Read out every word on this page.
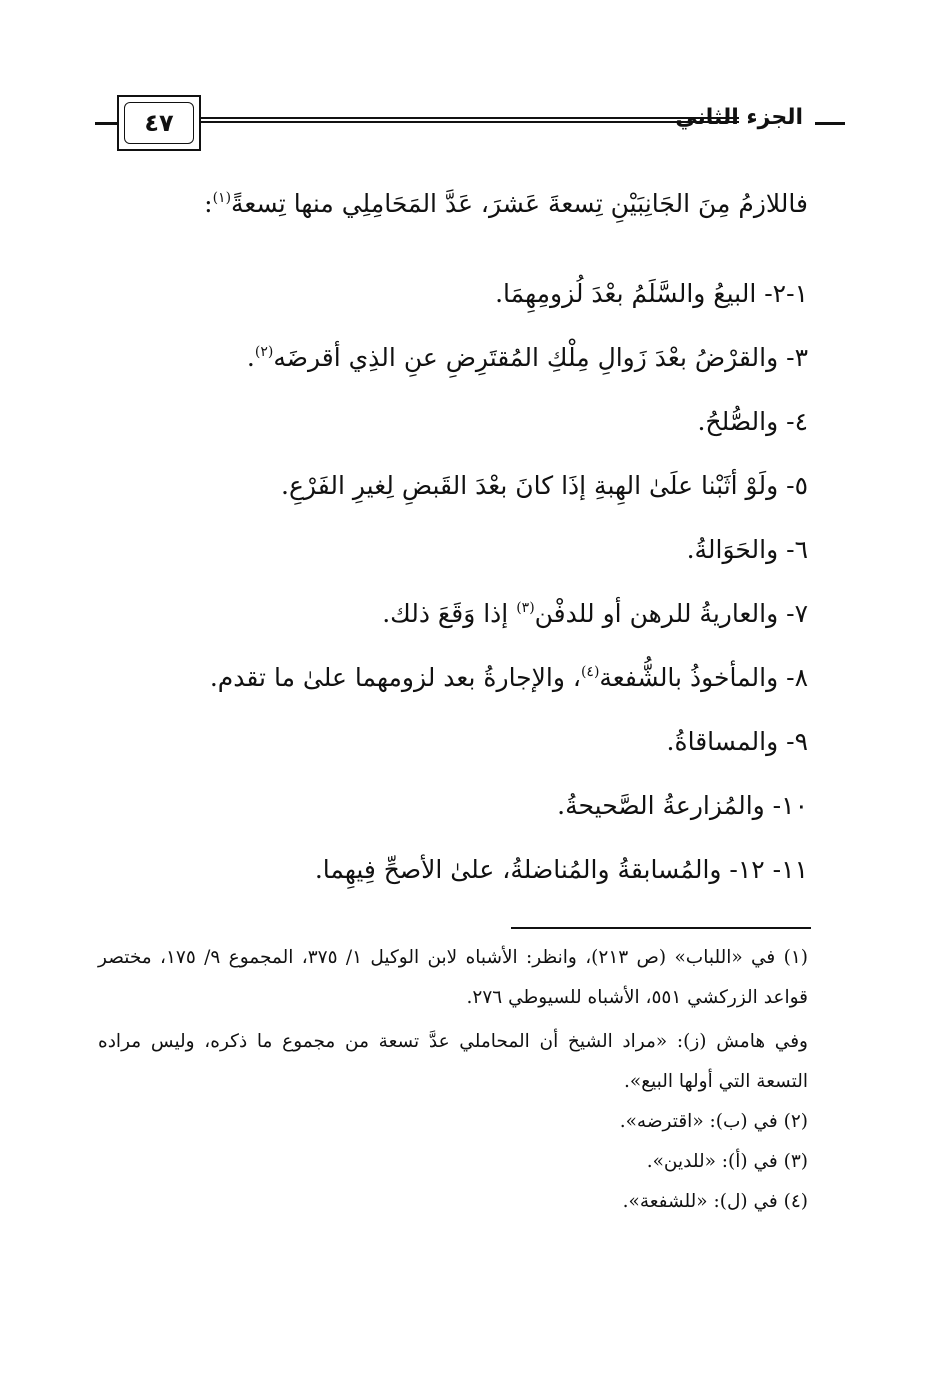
٤٧	الجزء الثاني
فاللازمُ مِنَ الجَانِبَيْنِ تِسعةَ عَشرَ، عَدَّ المَحَامِلِي منها تِسعةً$^{(١)}$:
١-٢- البيعُ والسَّلَمُ بعْدَ لُزومِهِمَا.
٣- والقرْضُ بعْدَ زَوالِ مِلْكِ المُقتَرِضِ عنِ الذِي أقرضَه$^{(٢)}$.
٤- والصُّلحُ.
٥- ولَوْ أثَبْنا علَىٰ الهِبةِ إذَا كانَ بعْدَ القَبضِ لِغيرِ الفَرْعِ.
٦- والحَوَالةُ.
٧- والعاريةُ للرهن أو للدفْن$^{(٣)}$ إذا وَقَعَ ذلك.
٨- والمأخوذُ بالشُّفعة$^{(٤)}$، والإجارةُ بعد لزومهما علىٰ ما تقدم.
٩- والمساقاةُ.
١٠- والمُزارعةُ الصَّحيحةُ.
١١- ١٢- والمُسابقةُ والمُناضلةُ، علىٰ الأصحِّ فِيهِما.
(١) في «اللباب» (ص ٢١٣)، وانظر: الأشباه لابن الوكيل ١/ ٣٧٥، المجموع ٩/ ١٧٥، مختصر قواعد الزركشي ٥٥١، الأشباه للسيوطي ٢٧٦.
وفي هامش (ز): «مراد الشيخ أن المحاملي عدَّ تسعة من مجموع ما ذكره، وليس مراده التسعة التي أولها البيع».
(٢) في (ب): «اقترضه».
(٣) في (أ): «للدين».
(٤) في (ل): «للشفعة».
